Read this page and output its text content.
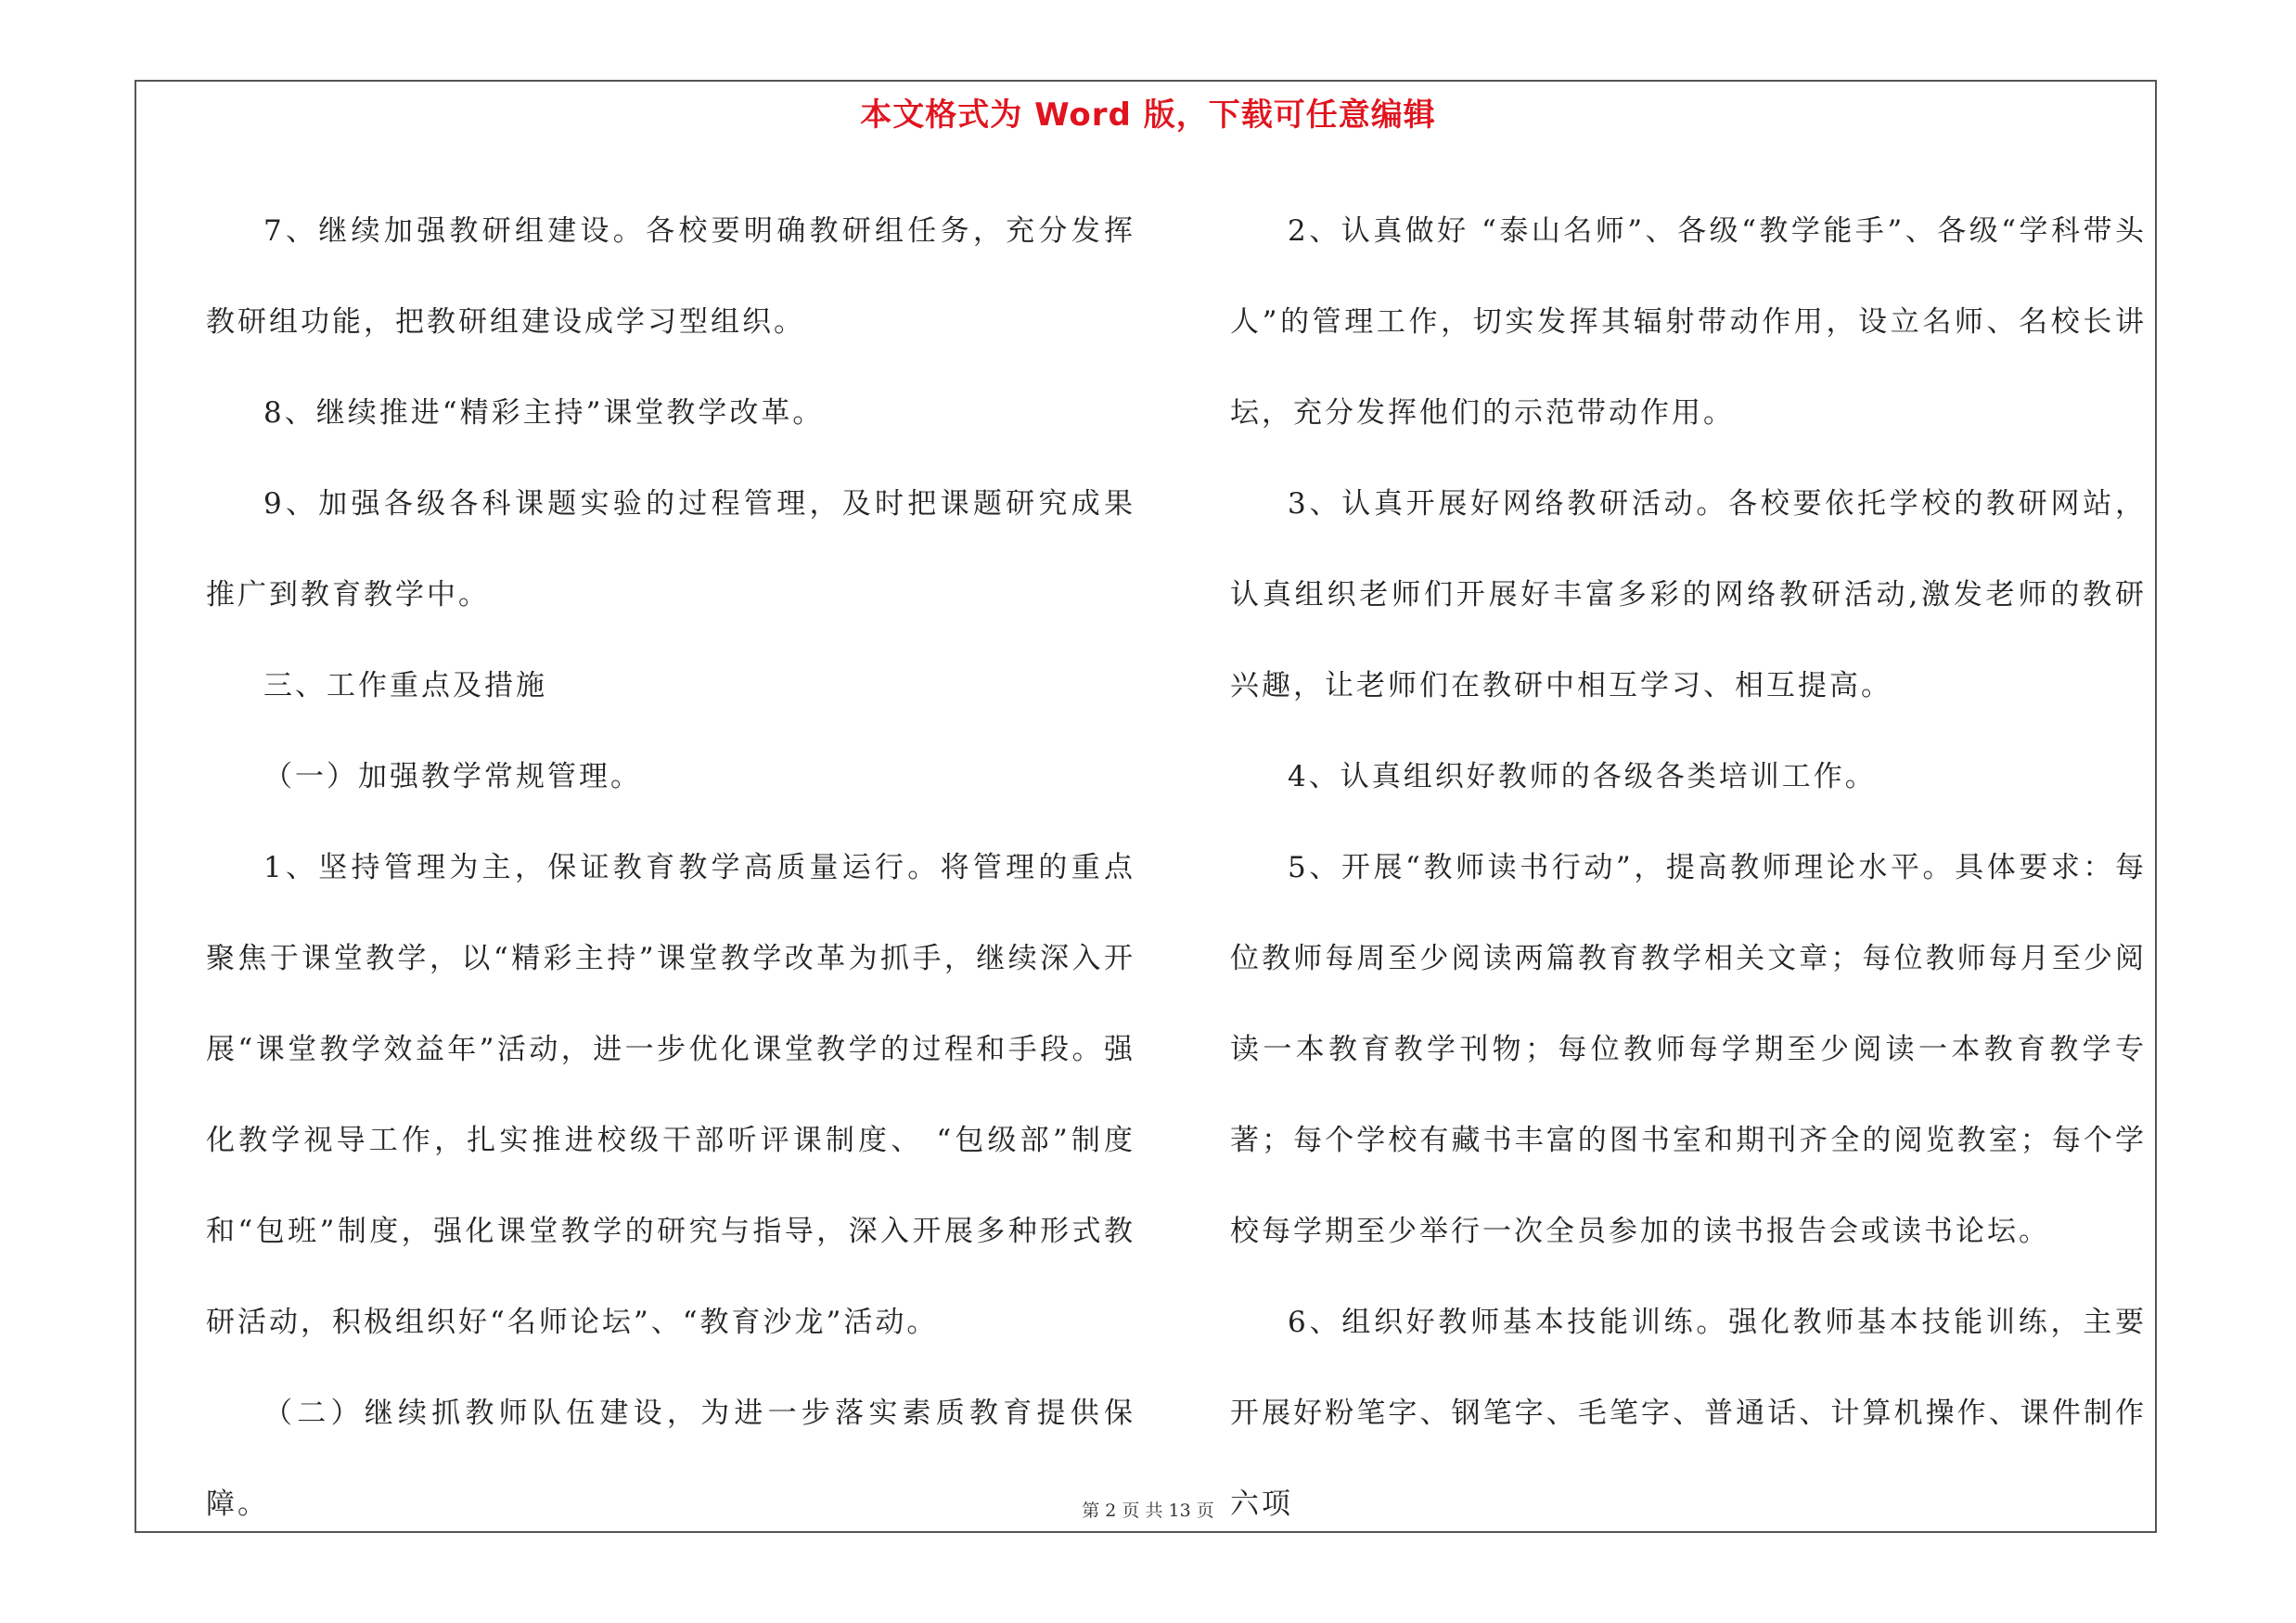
本文格式为 Word 版，下载可任意编辑

7、继续加强教研组建设。各校要明确教研组任务，充分发挥教研组功能，把教研组建设成学习型组织。

8、继续推进“精彩主持”课堂教学改革。

9、加强各级各科课题实验的过程管理，及时把课题研究成果推广到教育教学中。

三、工作重点及措施

（一）加强教学常规管理。

1、坚持管理为主，保证教育教学高质量运行。将管理的重点聚焦于课堂教学，以“精彩主持”课堂教学改革为抓手，继续深入开展“课堂教学效益年”活动，进一步优化课堂教学的过程和手段。强化教学视导工作，扎实推进校级干部听评课制度、 “包级部”制度和“包班”制度，强化课堂教学的研究与指导，深入开展多种形式教研活动，积极组织好“名师论坛”、“教育沙龙”活动。

（二）继续抓教师队伍建设，为进一步落实素质教育提供保障。

2、认真做好 “泰山名师”、各级“教学能手”、各级“学科带头人”的管理工作，切实发挥其辐射带动作用，设立名师、名校长讲坛，充分发挥他们的示范带动作用。

3、认真开展好网络教研活动。各校要依托学校的教研网站，认真组织老师们开展好丰富多彩的网络教研活动,激发老师的教研兴趣，让老师们在教研中相互学习、相互提高。

4、认真组织好教师的各级各类培训工作。

5、开展“教师读书行动”，提高教师理论水平。具体要求：每位教师每周至少阅读两篇教育教学相关文章；每位教师每月至少阅读一本教育教学刊物；每位教师每学期至少阅读一本教育教学专著；每个学校有藏书丰富的图书室和期刊齐全的阅览教室；每个学校每学期至少举行一次全员参加的读书报告会或读书论坛。

6、组织好教师基本技能训练。强化教师基本技能训练，主要开展好粉笔字、钢笔字、毛笔字、普通话、计算机操作、课件制作六项

第 2 页 共 13 页
